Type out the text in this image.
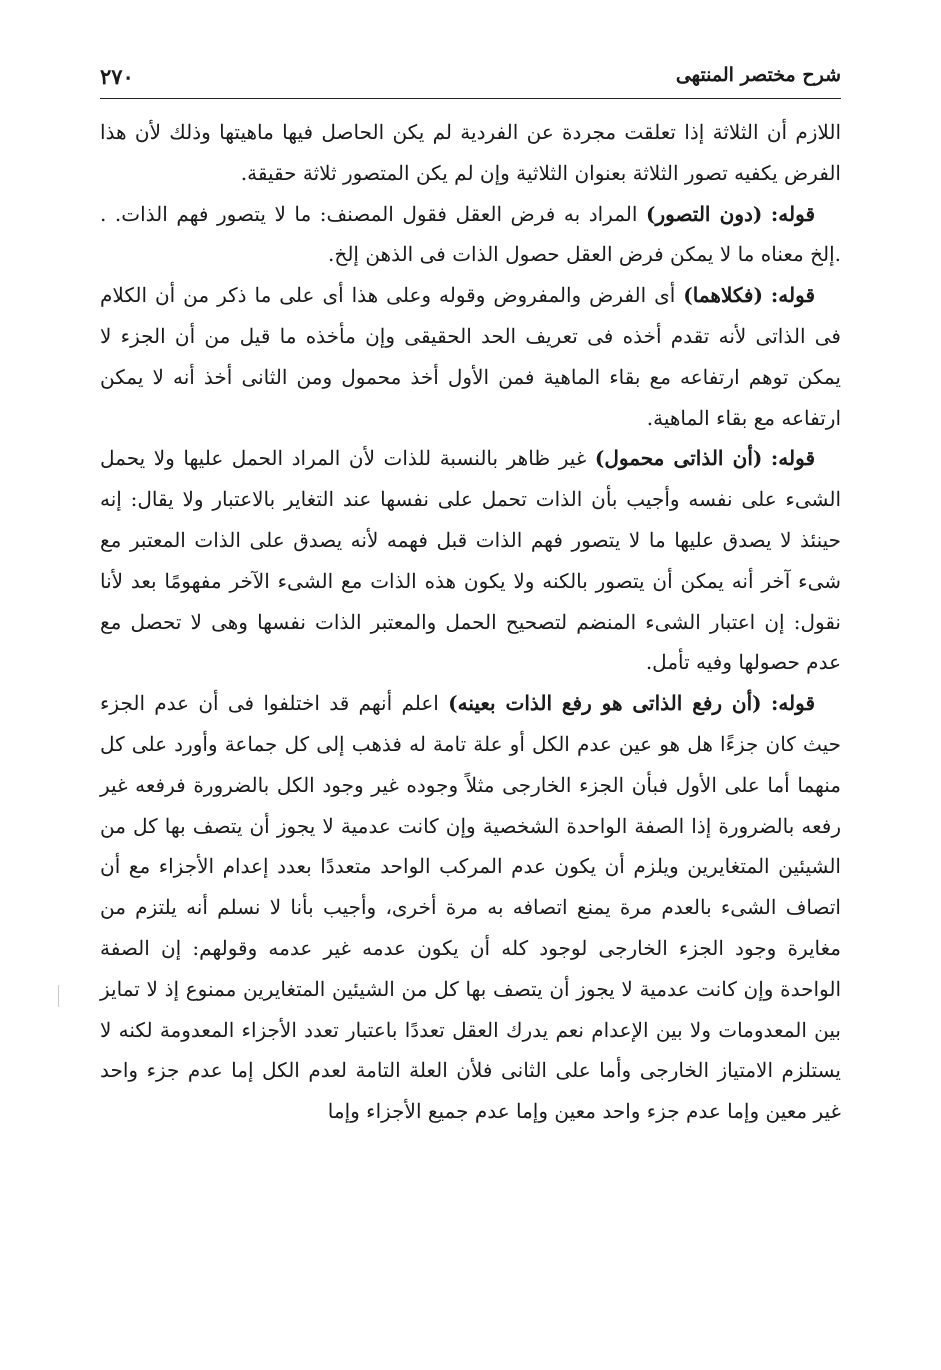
٢٧٠	شرح مختصر المنتهى

اللازم أن الثلاثة إذا تعلقت مجردة عن الفردية لم يكن الحاصل فيها ماهيتها وذلك لأن هذا الفرض يكفيه تصور الثلاثة بعنوان الثلاثية وإن لم يكن المتصور ثلاثة حقيقة.

قوله: (دون التصور) المراد به فرض العقل فقول المصنف: ما لا يتصور فهم الذات. . .إلخ معناه ما لا يمكن فرض العقل حصول الذات فى الذهن إلخ.

قوله: (فكلاهما) أى الفرض والمفروض وقوله وعلى هذا أى على ما ذكر من أن الكلام فى الذاتى لأنه تقدم أخذه فى تعريف الحد الحقيقى وإن مأخذه ما قيل من أن الجزء لا يمكن توهم ارتفاعه مع بقاء الماهية فمن الأول أخذ محمول ومن الثانى أخذ أنه لا يمكن ارتفاعه مع بقاء الماهية.

قوله: (أن الذاتى محمول) غير ظاهر بالنسبة للذات لأن المراد الحمل عليها ولا يحمل الشىء على نفسه وأجيب بأن الذات تحمل على نفسها عند التغاير بالاعتبار ولا يقال: إنه حينئذ لا يصدق عليها ما لا يتصور فهم الذات قبل فهمه لأنه يصدق على الذات المعتبر مع شىء آخر أنه يمكن أن يتصور بالكنه ولا يكون هذه الذات مع الشىء الآخر مفهومًا بعد لأنا نقول: إن اعتبار الشىء المنضم لتصحيح الحمل والمعتبر الذات نفسها وهى لا تحصل مع عدم حصولها وفيه تأمل.

قوله: (أن رفع الذاتى هو رفع الذات بعينه) اعلم أنهم قد اختلفوا فى أن عدم الجزء حيث كان جزءًا هل هو عين عدم الكل أو علة تامة له فذهب إلى كل جماعة وأورد على كل منهما أما على الأول فبأن الجزء الخارجى مثلاً وجوده غير وجود الكل بالضرورة فرفعه غير رفعه بالضرورة إذا الصفة الواحدة الشخصية وإن كانت عدمية لا يجوز أن يتصف بها كل من الشيئين المتغايرين ويلزم أن يكون عدم المركب الواحد متعددًا بعدد إعدام الأجزاء مع أن اتصاف الشىء بالعدم مرة يمنع اتصافه به مرة أخرى، وأجيب بأنا لا نسلم أنه يلتزم من مغايرة وجود الجزء الخارجى لوجود كله أن يكون عدمه غير عدمه وقولهم: إن الصفة الواحدة وإن كانت عدمية لا يجوز أن يتصف بها كل من الشيئين المتغايرين ممنوع إذ لا تمايز بين المعدومات ولا بين الإعدام نعم يدرك العقل تعددًا باعتبار تعدد الأجزاء المعدومة لكنه لا يستلزم الامتياز الخارجى وأما على الثانى فلأن العلة التامة لعدم الكل إما عدم جزء واحد غير معين وإما عدم جزء واحد معين وإما عدم جميع الأجزاء وإما
